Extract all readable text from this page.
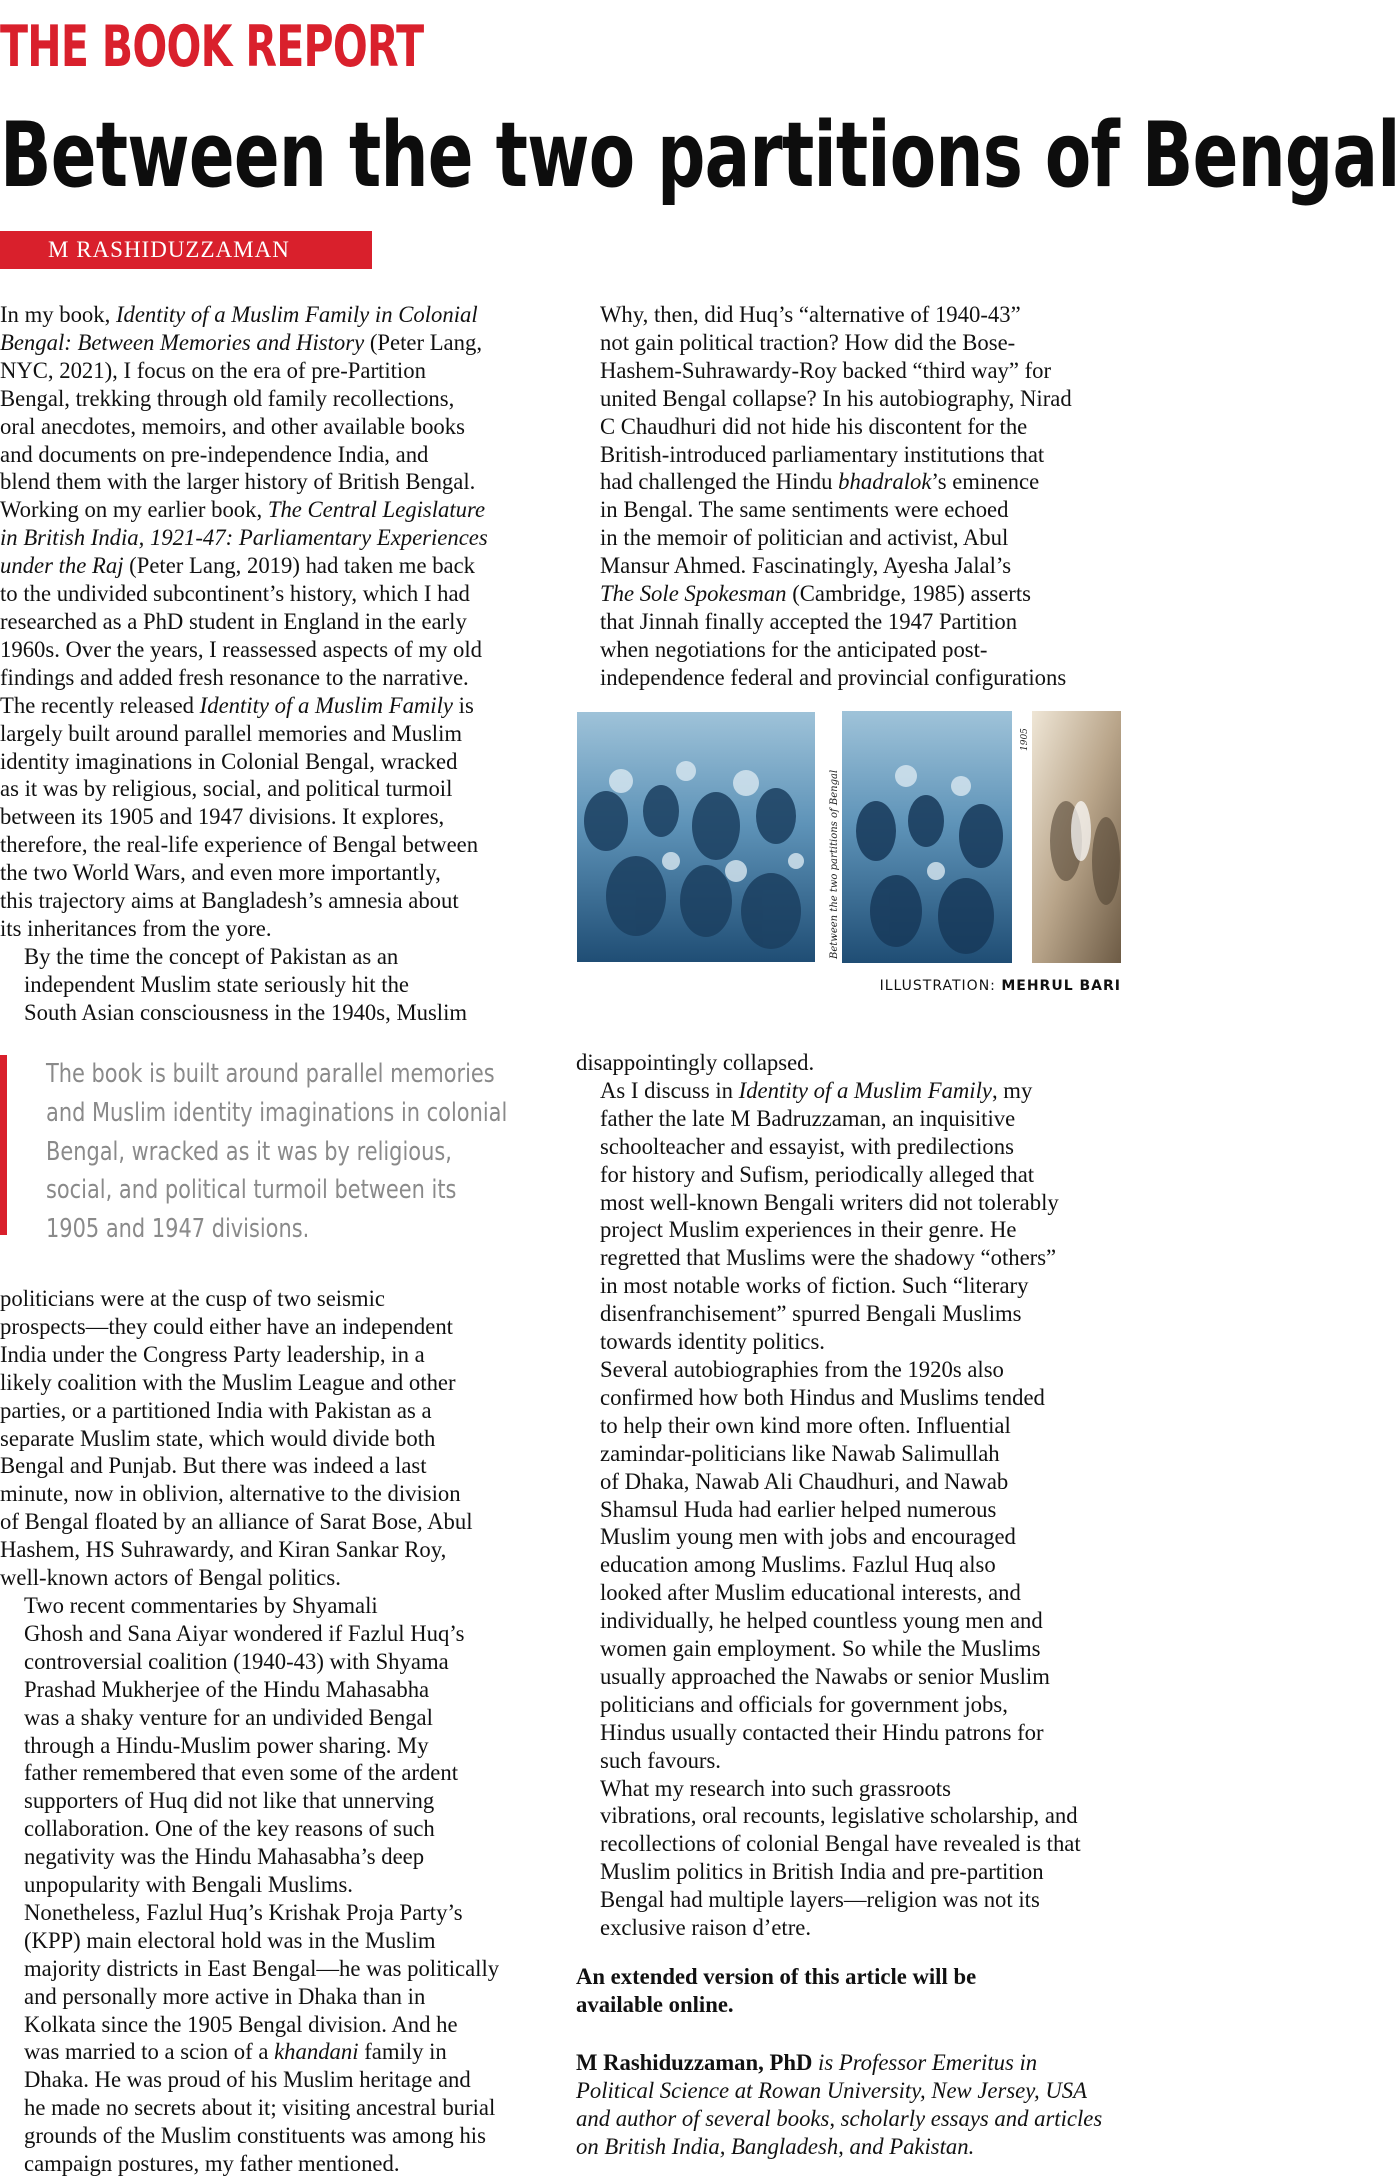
THE BOOK REPORT
Between the two partitions of Bengal
M RASHIDUZZAMAN

In my book, Identity of a Muslim Family in Colonial
Bengal: Between Memories and History (Peter Lang,
NYC, 2021), I focus on the era of pre-Partition
Bengal, trekking through old family recollections,
oral anecdotes, memoirs, and other available books
and documents on pre-independence India, and
blend them with the larger history of British Bengal.
Working on my earlier book, The Central Legislature
in British India, 1921-47: Parliamentary Experiences
under the Raj (Peter Lang, 2019) had taken me back
to the undivided subcontinent’s history, which I had
researched as a PhD student in England in the early
1960s. Over the years, I reassessed aspects of my old
findings and added fresh resonance to the narrative.
The recently released Identity of a Muslim Family is
largely built around parallel memories and Muslim
identity imaginations in Colonial Bengal, wracked
as it was by religious, social, and political turmoil
between its 1905 and 1947 divisions. It explores,
therefore, the real-life experience of Bengal between
the two World Wars, and even more importantly,
this trajectory aims at Bangladesh’s amnesia about
its inheritances from the yore.

By the time the concept of Pakistan as an
independent Muslim state seriously hit the
South Asian consciousness in the 1940s, Muslim

The book is built around parallel memories
and Muslim identity imaginations in colonial
Bengal, wracked as it was by religious,
social, and political turmoil between its
1905 and 1947 divisions.

politicians were at the cusp of two seismic
prospects—they could either have an independent
India under the Congress Party leadership, in a
likely coalition with the Muslim League and other
parties, or a partitioned India with Pakistan as a
separate Muslim state, which would divide both
Bengal and Punjab. But there was indeed a last
minute, now in oblivion, alternative to the division
of Bengal floated by an alliance of Sarat Bose, Abul
Hashem, HS Suhrawardy, and Kiran Sankar Roy,
well-known actors of Bengal politics.

Two recent commentaries by Shyamali
Ghosh and Sana Aiyar wondered if Fazlul Huq’s
controversial coalition (1940-43) with Shyama
Prashad Mukherjee of the Hindu Mahasabha
was a shaky venture for an undivided Bengal
through a Hindu-Muslim power sharing. My
father remembered that even some of the ardent
supporters of Huq did not like that unnerving
collaboration. One of the key reasons of such
negativity was the Hindu Mahasabha’s deep
unpopularity with Bengali Muslims.

Nonetheless, Fazlul Huq’s Krishak Proja Party’s
(KPP) main electoral hold was in the Muslim
majority districts in East Bengal—he was politically
and personally more active in Dhaka than in
Kolkata since the 1905 Bengal division. And he
was married to a scion of a khandani family in
Dhaka. He was proud of his Muslim heritage and
he made no secrets about it; visiting ancestral burial
grounds of the Muslim constituents was among his
campaign postures, my father mentioned.

Why, then, did Huq’s “alternative of 1940-43”
not gain political traction? How did the Bose-
Hashem-Suhrawardy-Roy backed “third way” for
united Bengal collapse? In his autobiography, Nirad
C Chaudhuri did not hide his discontent for the
British-introduced parliamentary institutions that
had challenged the Hindu bhadralok’s eminence
in Bengal. The same sentiments were echoed
in the memoir of politician and activist, Abul
Mansur Ahmed. Fascinatingly, Ayesha Jalal’s
The Sole Spokesman (Cambridge, 1985) asserts
that Jinnah finally accepted the 1947 Partition
when negotiations for the anticipated post-
independence federal and provincial configurations

Between the two partitions of Bengal
1905
ILLUSTRATION: MEHRUL BARI

disappointingly collapsed.

As I discuss in Identity of a Muslim Family, my
father the late M Badruzzaman, an inquisitive
schoolteacher and essayist, with predilections
for history and Sufism, periodically alleged that
most well-known Bengali writers did not tolerably
project Muslim experiences in their genre. He
regretted that Muslims were the shadowy “others”
in most notable works of fiction. Such “literary
disenfranchisement” spurred Bengali Muslims
towards identity politics.

Several autobiographies from the 1920s also
confirmed how both Hindus and Muslims tended
to help their own kind more often. Influential
zamindar-politicians like Nawab Salimullah
of Dhaka, Nawab Ali Chaudhuri, and Nawab
Shamsul Huda had earlier helped numerous
Muslim young men with jobs and encouraged
education among Muslims. Fazlul Huq also
looked after Muslim educational interests, and
individually, he helped countless young men and
women gain employment. So while the Muslims
usually approached the Nawabs or senior Muslim
politicians and officials for government jobs,
Hindus usually contacted their Hindu patrons for
such favours.

What my research into such grassroots
vibrations, oral recounts, legislative scholarship, and
recollections of colonial Bengal have revealed is that
Muslim politics in British India and pre-partition
Bengal had multiple layers—religion was not its
exclusive raison d’etre.

An extended version of this article will be
available online.
M Rashiduzzaman, PhD is Professor Emeritus in
Political Science at Rowan University, New Jersey, USA
and author of several books, scholarly essays and articles
on British India, Bangladesh, and Pakistan.
